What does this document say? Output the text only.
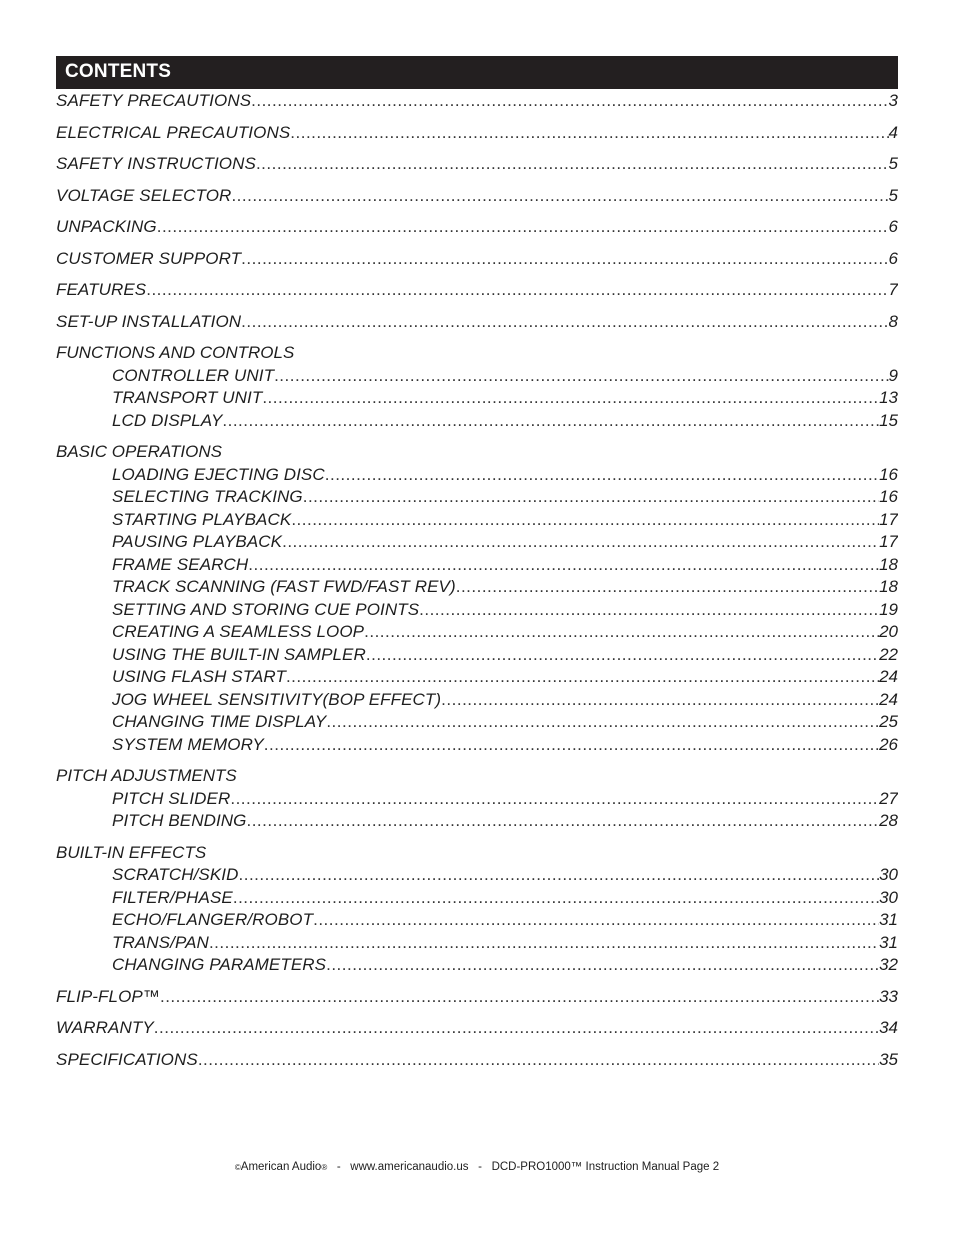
CONTENTS
SAFETY PRECAUTIONS .....	3
ELECTRICAL PRECAUTIONS .....	4
SAFETY INSTRUCTIONS .....	5
VOLTAGE SELECTOR .....	5
UNPACKING .....	6
CUSTOMER SUPPORT .....	6
FEATURES .....	7
SET-UP INSTALLATION .....	8
FUNCTIONS AND CONTROLS
CONTROLLER UNIT .....	9
TRANSPORT UNIT .....	13
LCD DISPLAY .....	15
BASIC OPERATIONS
LOADING EJECTING DISC .....	16
SELECTING TRACKING .....	16
STARTING PLAYBACK .....	17
PAUSING PLAYBACK .....	17
FRAME SEARCH .....	18
TRACK SCANNING (FAST FWD/FAST REV) .....	18
SETTING AND STORING CUE POINTS .....	19
CREATING A SEAMLESS LOOP .....	20
USING THE BUILT-IN SAMPLER .....	22
USING FLASH START .....	24
JOG WHEEL SENSITIVITY(BOP EFFECT) .....	24
CHANGING TIME DISPLAY .....	25
SYSTEM MEMORY .....	26
PITCH ADJUSTMENTS
PITCH SLIDER .....	27
PITCH BENDING .....	28
BUILT-IN EFFECTS
SCRATCH/SKID .....	30
FILTER/PHASE .....	30
ECHO/FLANGER/ROBOT .....	31
TRANS/PAN .....	31
CHANGING PARAMETERS .....	32
FLIP-FLOP™ .....	33
WARRANTY .....	34
SPECIFICATIONS .....	35
©American Audio® - www.americanaudio.us - DCD-PRO1000™ Instruction Manual Page 2
